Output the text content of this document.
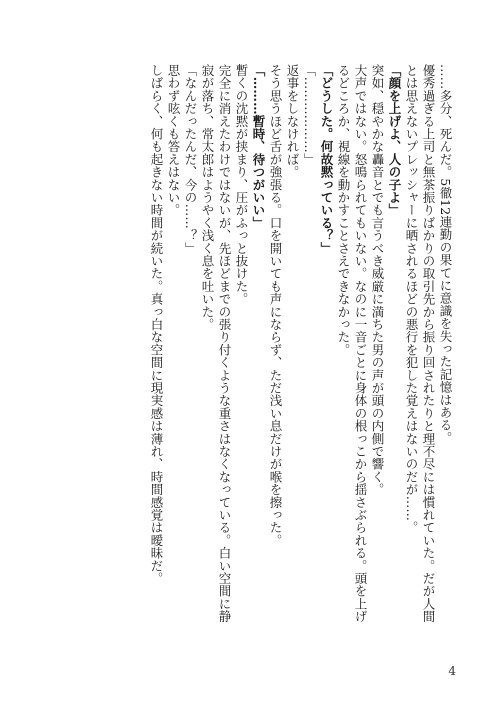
……多分、死んだ。5徹12連勤の果てに意識を失った記憶はある。

優秀過ぎる上司と無茶振りばかりの取引先から振り回されたりと理不尽には慣れていた。だが人間とは思えないプレッシャーに晒されるほどの悪行を犯した覚えはないのだが……。

「顔を上げよ、人の子よ」

突如、穏やかな轟音とでも言うべき威厳に満ちた男の声が頭の内側で響く。

大声ではない。怒鳴られてもいない。なのに一音ごとに身体の根っこから揺さぶられる。頭を上げるどころか、視線を動かすことさえできなかった。

「どうした。何故黙っている？」

「………………」

返事をしなければ。

そう思うほど舌が強張る。口を開いても声にならず、ただ浅い息だけが喉を擦った。

「………暫時、待つがいい」

暫くの沈黙が挟まり、圧がふっと抜けた。

完全に消えたわけではないが、先ほどまでの張り付くような重さはなくなっている。白い空間に静寂が落ち、常太郎はようやく浅く息を吐いた。

「なんだったんだ、今の……？」

思わず呟くも答えはない。

しばらく、何も起きない時間が続いた。真っ白な空間に現実感は薄れ、時間感覚は曖昧だ。

4
